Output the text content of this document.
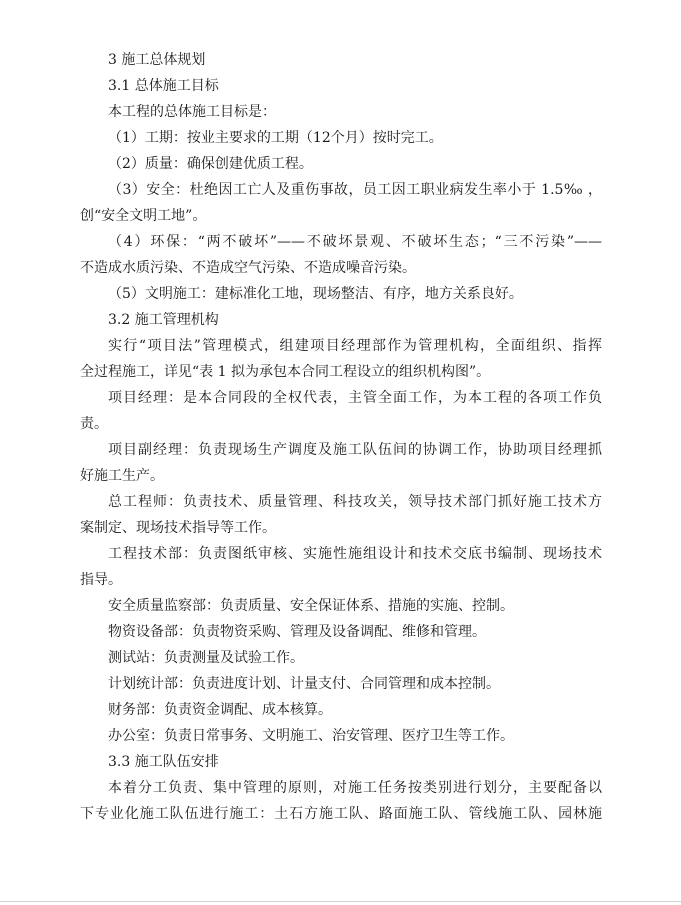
3 施工总体规划

3.1 总体施工目标

本工程的总体施工目标是：

（1）工期：按业主要求的工期（12个月）按时完工。

（2）质量：确保创建优质工程。

（3）安全：杜绝因工亡人及重伤事故，员工因工职业病发生率小于 1.5‰ ，

创“安全文明工地”。

（4）环保：“两不破坏”——不破坏景观、不破坏生态；“三不污染”——

不造成水质污染、不造成空气污染、不造成噪音污染。

（5）文明施工：建标准化工地，现场整洁、有序，地方关系良好。

3.2 施工管理机构

实行“项目法”管理模式，组建项目经理部作为管理机构，全面组织、指挥

全过程施工，详见“表 1 拟为承包本合同工程设立的组织机构图”。

项目经理：是本合同段的全权代表，主管全面工作，为本工程的各项工作负

责。

项目副经理：负责现场生产调度及施工队伍间的协调工作，协助项目经理抓

好施工生产。

总工程师：负责技术、质量管理、科技攻关，领导技术部门抓好施工技术方

案制定、现场技术指导等工作。

工程技术部：负责图纸审核、实施性施组设计和技术交底书编制、现场技术

指导。

安全质量监察部：负责质量、安全保证体系、措施的实施、控制。

物资设备部：负责物资采购、管理及设备调配、维修和管理。

测试站：负责测量及试验工作。

计划统计部：负责进度计划、计量支付、合同管理和成本控制。

财务部：负责资金调配、成本核算。

办公室：负责日常事务、文明施工、治安管理、医疗卫生等工作。

3.3 施工队伍安排

本着分工负责、集中管理的原则，对施工任务按类别进行划分，主要配备以

下专业化施工队伍进行施工：土石方施工队、路面施工队、管线施工队、园林施
